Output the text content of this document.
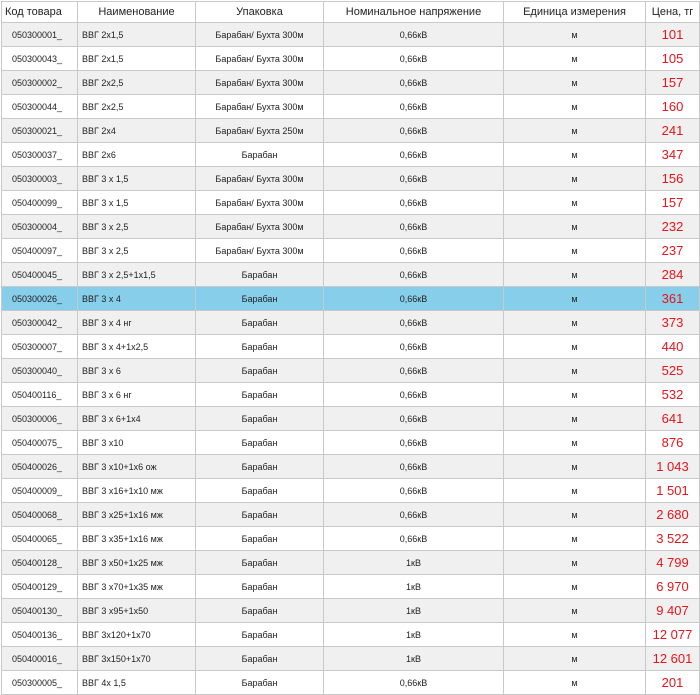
Код товара	Наименование	Упаковка	Номинальное напряжение	Единица измерения	Цена, тг
050300001_	ВВГ 2х1,5	Барабан/ Бухта 300м	0,66кВ	м	101
050300043_	ВВГ 2х1,5	Барабан/ Бухта 300м	0,66кВ	м	105
050300002_	ВВГ 2х2,5	Барабан/ Бухта 300м	0,66кВ	м	157
050300044_	ВВГ 2х2,5	Барабан/ Бухта 300м	0,66кВ	м	160
050300021_	ВВГ 2х4	Барабан/ Бухта 250м	0,66кВ	м	241
050300037_	ВВГ 2х6	Барабан	0,66кВ	м	347
050300003_	ВВГ 3 х 1,5	Барабан/ Бухта 300м	0,66кВ	м	156
050400099_	ВВГ 3 х 1,5	Барабан/ Бухта 300м	0,66кВ	м	157
050300004_	ВВГ 3 х 2,5	Барабан/ Бухта 300м	0,66кВ	м	232
050400097_	ВВГ 3 х 2,5	Барабан/ Бухта 300м	0,66кВ	м	237
050400045_	ВВГ 3 х 2,5+1х1,5	Барабан	0,66кВ	м	284
050300026_	ВВГ 3 х 4	Барабан	0,66кВ	м	361
050300042_	ВВГ 3 х 4 нг	Барабан	0,66кВ	м	373
050300007_	ВВГ 3 х 4+1х2,5	Барабан	0,66кВ	м	440
050300040_	ВВГ 3 х 6	Барабан	0,66кВ	м	525
050400116_	ВВГ 3 х 6 нг	Барабан	0,66кВ	м	532
050300006_	ВВГ 3 х 6+1х4	Барабан	0,66кВ	м	641
050400075_	ВВГ 3 х10	Барабан	0,66кВ	м	876
050400026_	ВВГ 3 х10+1х6 ож	Барабан	0,66кВ	м	1 043
050400009_	ВВГ 3 х16+1х10 мж	Барабан	0,66кВ	м	1 501
050400068_	ВВГ 3 х25+1х16 мж	Барабан	0,66кВ	м	2 680
050400065_	ВВГ 3 х35+1х16 мж	Барабан	0,66кВ	м	3 522
050400128_	ВВГ 3 х50+1х25 мж	Барабан	1кВ	м	4 799
050400129_	ВВГ 3 х70+1х35 мж	Барабан	1кВ	м	6 970
050400130_	ВВГ 3 х95+1х50	Барабан	1кВ	м	9 407
050400136_	ВВГ 3х120+1х70	Барабан	1кВ	м	12 077
050400016_	ВВГ 3х150+1х70	Барабан	1кВ	м	12 601
050300005_	ВВГ 4х 1,5	Барабан	0,66кВ	м	201
